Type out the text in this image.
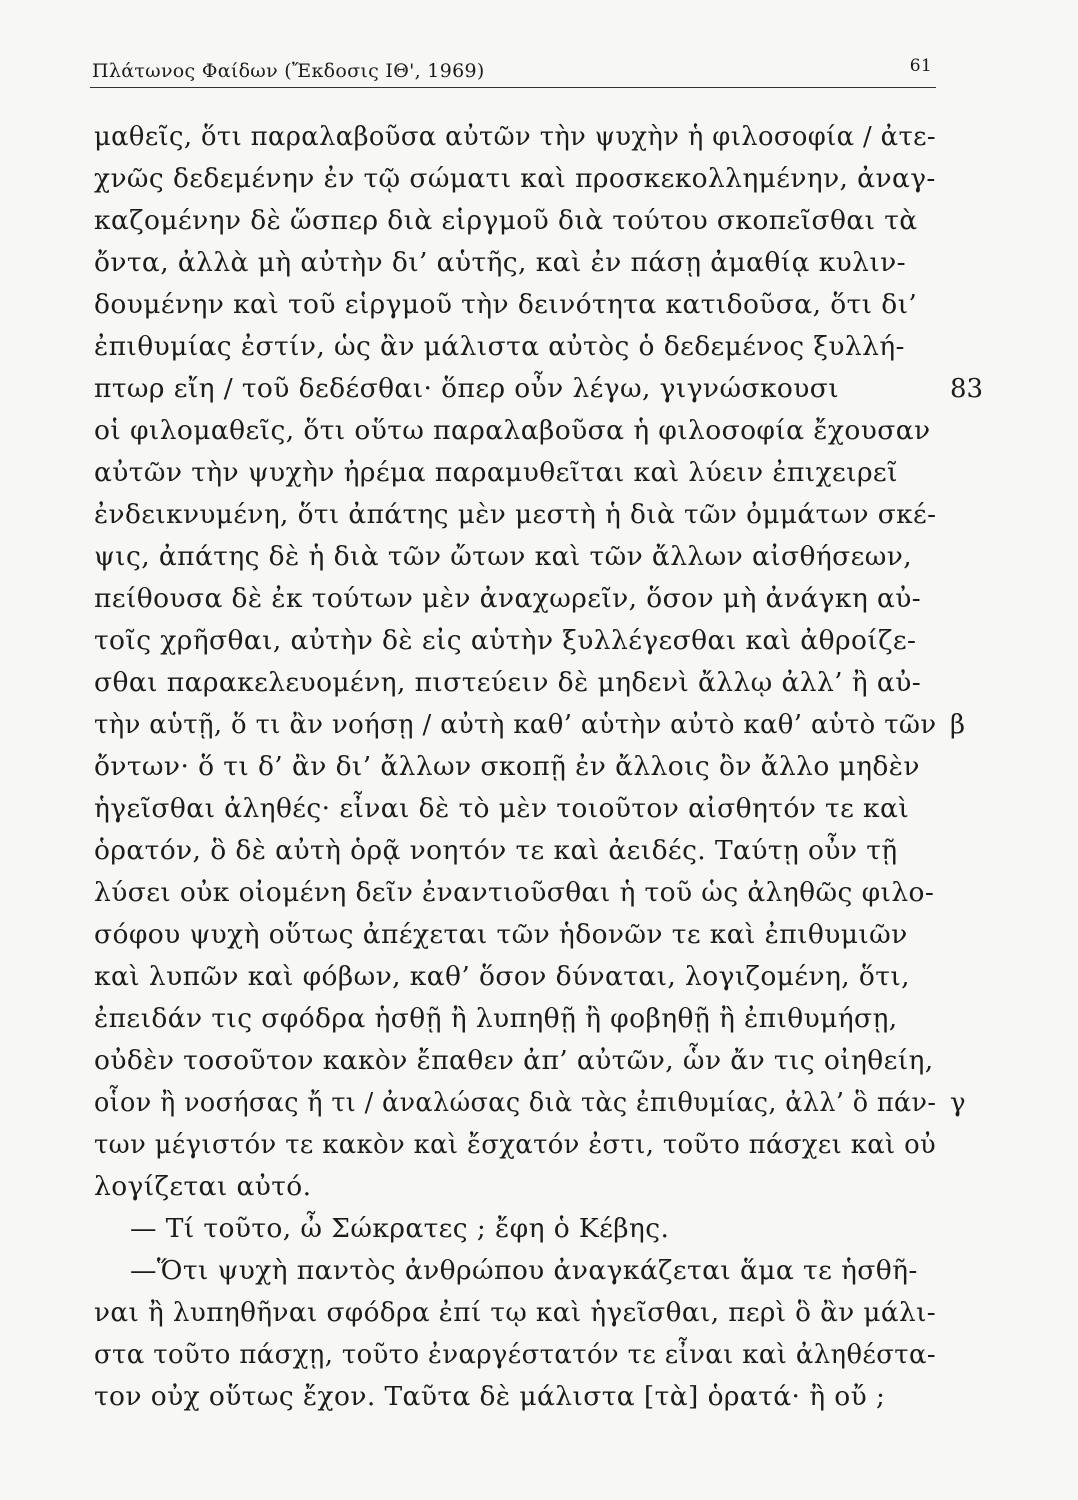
Πλάτωνος Φαίδων (Ἔκδοσις ΙΘ', 1969)	61
μαθεῖς, ὅτι παραλαβοῦσα αὐτῶν τὴν ψυχὴν ἡ φιλοσοφία / ἀτε-
χνῶς δεδεμένην ἐν τῷ σώματι καὶ προσκεκολλημένην, ἀναγ-
καζομένην δὲ ὥσπερ διὰ εἱργμοῦ διὰ τούτου σκοπεῖσθαι τὰ
ὄντα, ἀλλὰ μὴ αὐτὴν δι’ αὑτῆς, καὶ ἐν πάσῃ ἀμαθίᾳ κυλιν-
δουμένην καὶ τοῦ εἱργμοῦ τὴν δεινότητα κατιδοῦσα, ὅτι δι’
ἐπιθυμίας ἐστίν, ὡς ἂν μάλιστα αὐτὸς ὁ δεδεμένος ξυλλή-
πτωρ εἴη / τοῦ δεδέσθαι· ὅπερ οὖν λέγω, γιγνώσκουσι
οἱ φιλομαθεῖς, ὅτι οὕτω παραλαβοῦσα ἡ φιλοσοφία ἔχουσαν
αὐτῶν τὴν ψυχὴν ἠρέμα παραμυθεῖται καὶ λύειν ἐπιχειρεῖ
ἐνδεικνυμένη, ὅτι ἀπάτης μὲν μεστὴ ἡ διὰ τῶν ὀμμάτων σκέ-
ψις, ἀπάτης δὲ ἡ διὰ τῶν ὤτων καὶ τῶν ἄλλων αἰσθήσεων,
πείθουσα δὲ ἐκ τούτων μὲν ἀναχωρεῖν, ὅσον μὴ ἀνάγκη αὐ-
τοῖς χρῆσθαι, αὐτὴν δὲ εἰς αὑτὴν ξυλλέγεσθαι καὶ ἀθροίζε-
σθαι παρακελευομένη, πιστεύειν δὲ μηδενὶ ἄλλῳ ἀλλ’ ἢ αὐ-
τὴν αὑτῇ, ὅ τι ἂν νοήσῃ / αὐτὴ καθ’ αὑτὴν αὐτὸ καθ’ αὑτὸ τῶν
ὄντων· ὅ τι δ’ ἂν δι’ ἄλλων σκοπῇ ἐν ἄλλοις ὂν ἄλλο μηδὲν
ἡγεῖσθαι ἀληθές· εἶναι δὲ τὸ μὲν τοιοῦτον αἰσθητόν τε καὶ
ὁρατόν, ὃ δὲ αὐτὴ ὁρᾷ νοητόν τε καὶ ἀειδές. Ταύτῃ οὖν τῇ
λύσει οὐκ οἰομένη δεῖν ἐναντιοῦσθαι ἡ τοῦ ὡς ἀληθῶς φιλο-
σόφου ψυχὴ οὕτως ἀπέχεται τῶν ἡδονῶν τε καὶ ἐπιθυμιῶν
καὶ λυπῶν καὶ φόβων, καθ’ ὅσον δύναται, λογιζομένη, ὅτι,
ἐπειδάν τις σφόδρα ἡσθῇ ἢ λυπηθῇ ἢ φοβηθῇ ἢ ἐπιθυμήσῃ,
οὐδὲν τοσοῦτον κακὸν ἔπαθεν ἀπ’ αὐτῶν, ὧν ἄν τις οἰηθείη,
οἷον ἢ νοσήσας ἤ τι / ἀναλώσας διὰ τὰς ἐπιθυμίας, ἀλλ’ ὃ πάν-
των μέγιστόν τε κακὸν καὶ ἔσχατόν ἐστι, τοῦτο πάσχει καὶ οὐ
λογίζεται αὐτό.
— Τί τοῦτο, ὦ Σώκρατες ; ἔφη ὁ Κέβης.
—Ὅτι ψυχὴ παντὸς ἀνθρώπου ἀναγκάζεται ἅμα τε ἡσθῆ-
ναι ἢ λυπηθῆναι σφόδρα ἐπί τῳ καὶ ἡγεῖσθαι, περὶ ὃ ἂν μάλι-
στα τοῦτο πάσχῃ, τοῦτο ἐναργέστατόν τε εἶναι καὶ ἀληθέστα-
τον οὐχ οὕτως ἔχον. Ταῦτα δὲ μάλιστα [τὰ] ὁρατά· ἢ οὔ ;
83
β
γ
